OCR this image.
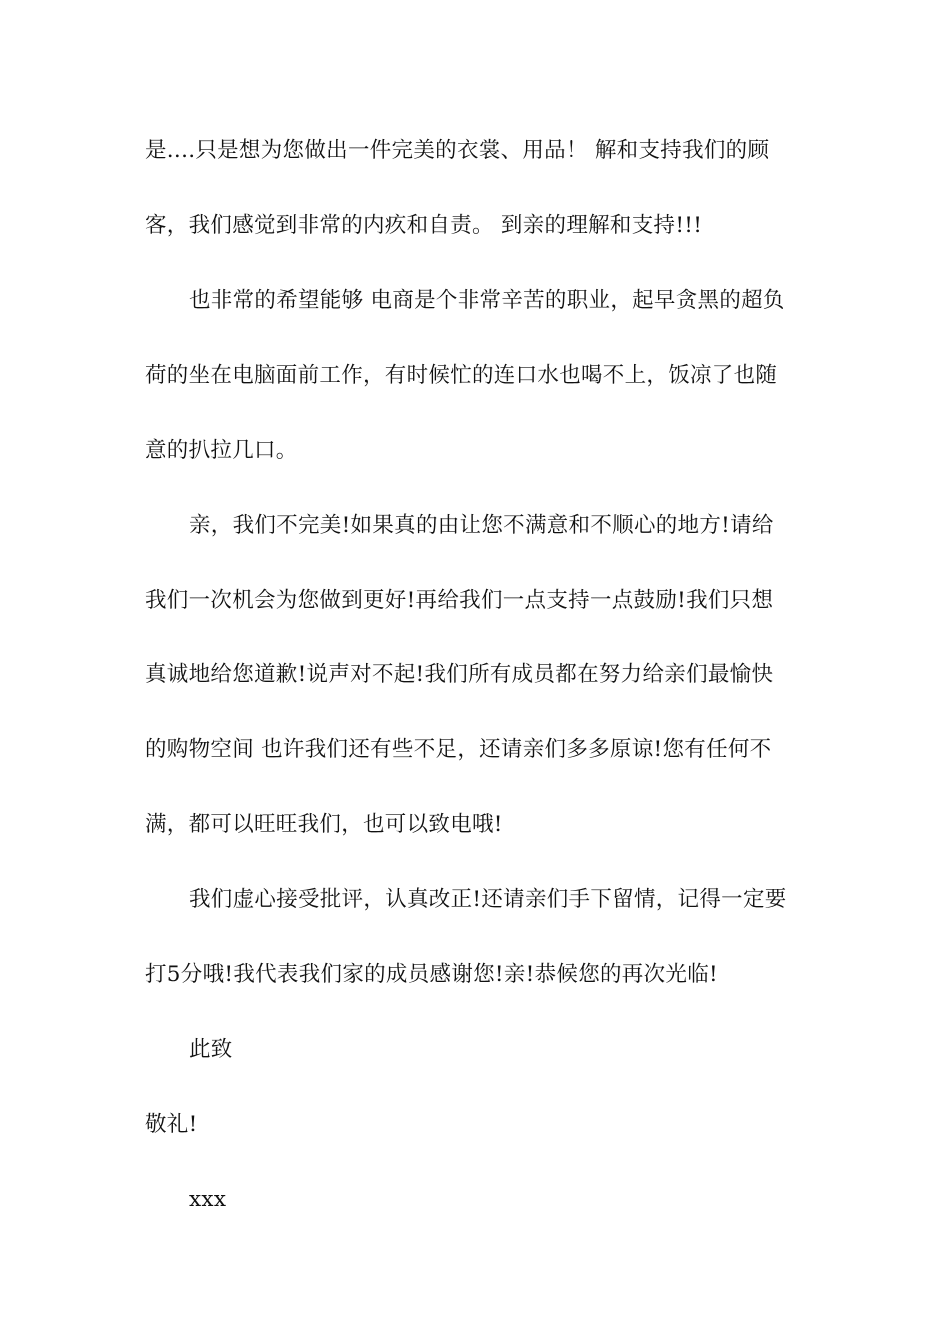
是....只是想为您做出一件完美的衣裳、用品！ 解和支持我们的顾
客，我们感觉到非常的内疚和自责。 到亲的理解和支持!!!
也非常的希望能够 电商是个非常辛苦的职业，起早贪黑的超负
荷的坐在电脑面前工作，有时候忙的连口水也喝不上，饭凉了也随
意的扒拉几口。
亲，我们不完美!如果真的由让您不满意和不顺心的地方!请给
我们一次机会为您做到更好!再给我们一点支持一点鼓励!我们只想
真诚地给您道歉!说声对不起!我们所有成员都在努力给亲们最愉快
的购物空间 也许我们还有些不足，还请亲们多多原谅!您有任何不
满，都可以旺旺我们，也可以致电哦!
我们虚心接受批评，认真改正!还请亲们手下留情，记得一定要
打5分哦!我代表我们家的成员感谢您!亲!恭候您的再次光临!
此致
敬礼!
xxx
